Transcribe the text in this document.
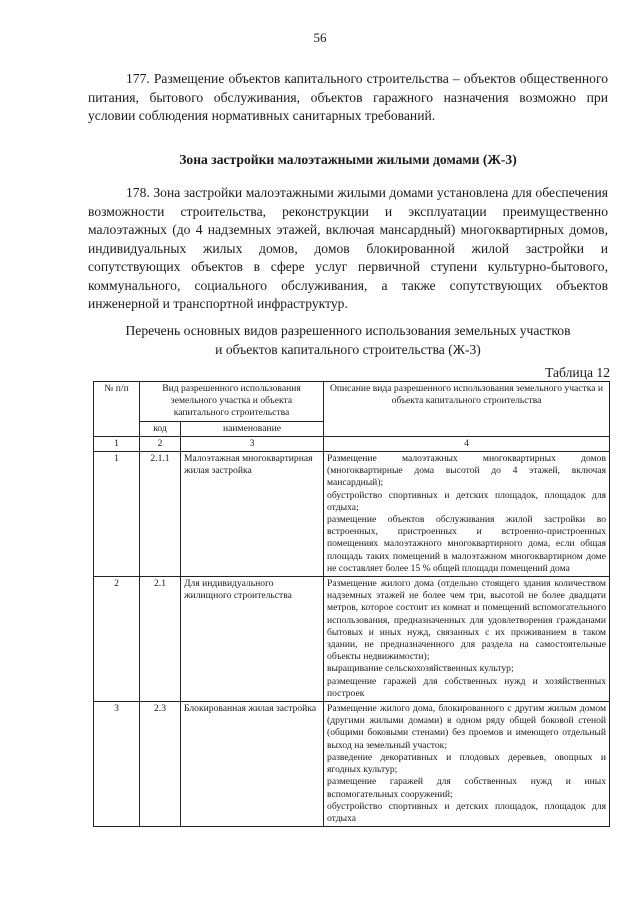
56

177. Размещение объектов капитального строительства – объектов общественного питания, бытового обслуживания, объектов гаражного назначения возможно при условии соблюдения нормативных санитарных требований.

Зона застройки малоэтажными жилыми домами (Ж-3)

178. Зона застройки малоэтажными жилыми домами установлена для обеспечения возможности строительства, реконструкции и эксплуатации преимущественно малоэтажных (до 4 надземных этажей, включая мансардный) многоквартирных домов, индивидуальных жилых домов, домов блокированной жилой застройки и сопутствующих объектов в сфере услуг первичной ступени культурно-бытового, коммунального, социального обслуживания, а также сопутствующих объектов инженерной и транспортной инфраструктур.

Перечень основных видов разрешенного использования земельных участков
и объектов капитального строительства (Ж-3)
Таблица 12
№ п/п	Вид разрешенного использования земельного участка и объекта капитального строительства		Описание вида разрешенного использования земельного участка и объекта капитального строительства
	код	наименование	
1	2	3	4
1	2.1.1	Малоэтажная многоквартирная жилая застройка	Размещение малоэтажных многоквартирных домов (многоквартирные дома высотой до 4 этажей, включая мансардный);
обустройство спортивных и детских площадок, площадок для отдыха;
размещение объектов обслуживания жилой застройки во встроенных, пристроенных и встроенно-пристроенных помещениях малоэтажного многоквартирного дома, если общая площадь таких помещений в малоэтажном многоквартирном доме не составляет более 15 % общей площади помещений дома

2	2.1	Для индивидуального жилищного строительства	Размещение жилого дома (отдельно стоящего здания количеством надземных этажей не более чем три, высотой не более двадцати метров, которое состоит из комнат и помещений вспомогательного использования, предназначенных для удовлетворения гражданами бытовых и иных нужд, связанных с их проживанием в таком здании, не предназначенного для раздела на самостоятельные объекты недвижимости);
выращивание сельскохозяйственных культур;
размещение гаражей для собственных нужд и хозяйственных построек

3	2.3	Блокированная жилая застройка	Размещение жилого дома, блокированного с другим жилым домом (другими жилыми домами) в одном ряду общей боковой стеной (общими боковыми стенами) без проемов и имеющего отдельный выход на земельный участок;
разведение декоративных и плодовых деревьев, овощных и ягодных культур;
размещение гаражей для собственных нужд и иных вспомогательных сооружений;
обустройство спортивных и детских площадок, площадок для отдыха
